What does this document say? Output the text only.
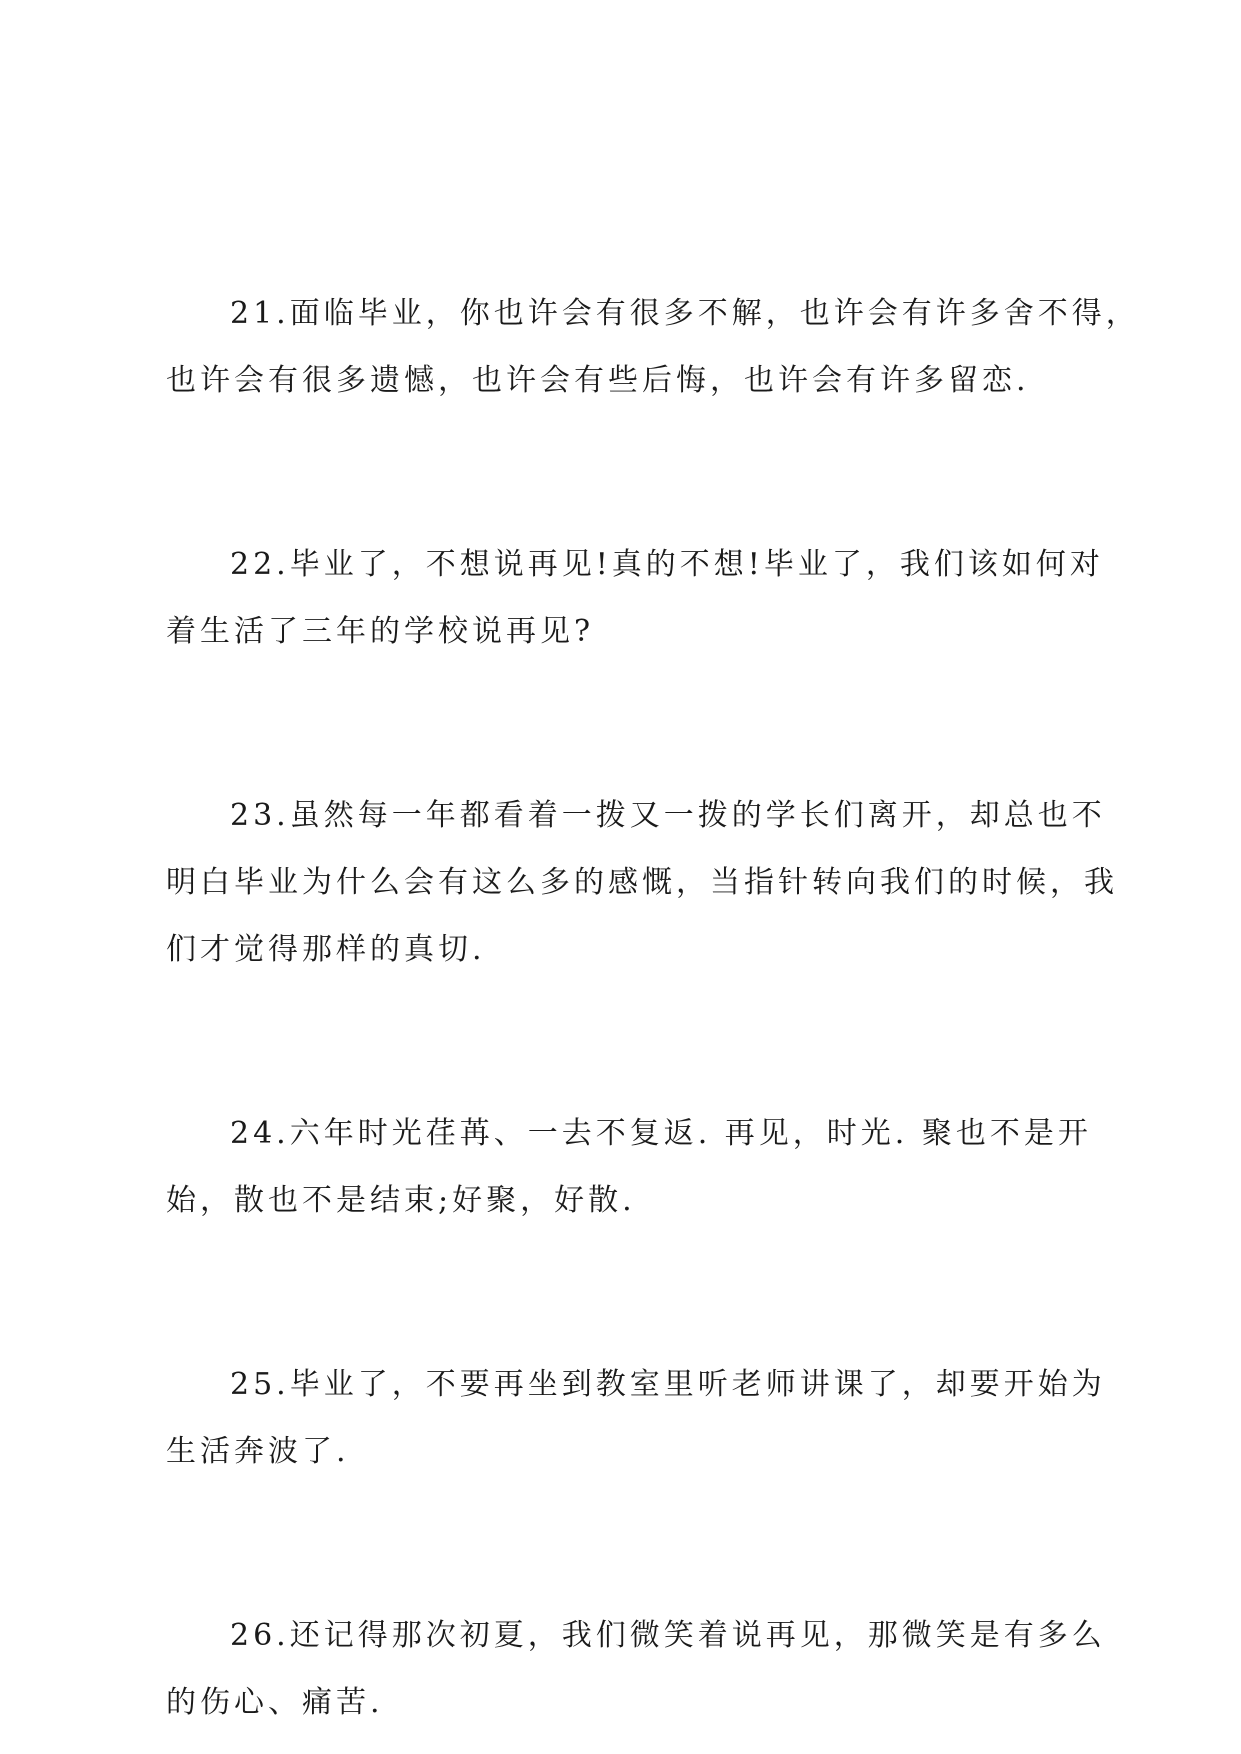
21.面临毕业，你也许会有很多不解，也许会有许多舍不得，
也许会有很多遗憾，也许会有些后悔，也许会有许多留恋.

22.毕业了，不想说再见!真的不想!毕业了，我们该如何对
着生活了三年的学校说再见?

23.虽然每一年都看着一拨又一拨的学长们离开，却总也不
明白毕业为什么会有这么多的感慨，当指针转向我们的时候，我
们才觉得那样的真切.

24.六年时光荏苒、一去不复返. 再见，时光. 聚也不是开
始，散也不是结束;好聚，好散.

25.毕业了，不要再坐到教室里听老师讲课了，却要开始为
生活奔波了.

26.还记得那次初夏，我们微笑着说再见，那微笑是有多么
的伤心、痛苦.
